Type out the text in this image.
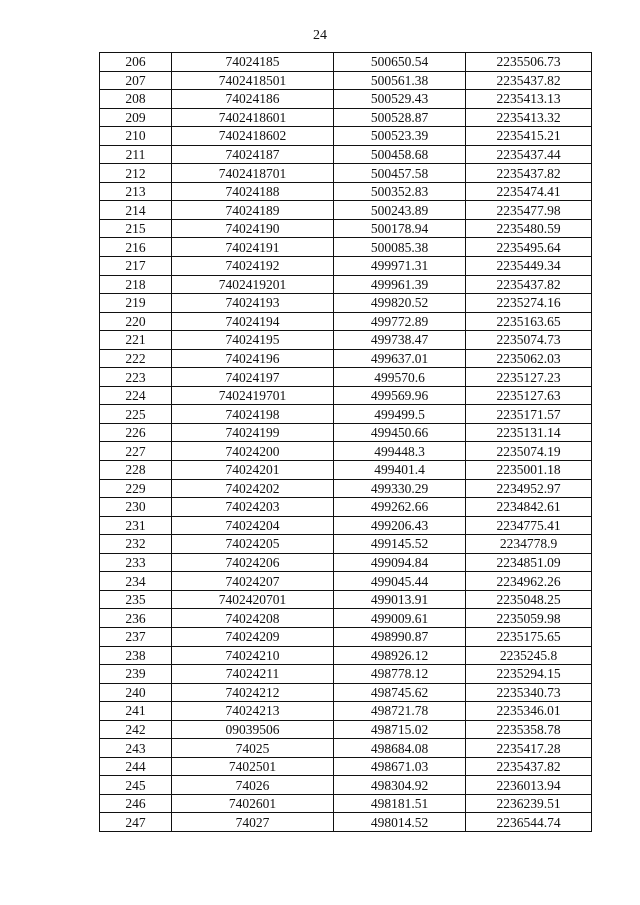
24
206	74024185	500650.54	2235506.73
207	7402418501	500561.38	2235437.82
208	74024186	500529.43	2235413.13
209	7402418601	500528.87	2235413.32
210	7402418602	500523.39	2235415.21
211	74024187	500458.68	2235437.44
212	7402418701	500457.58	2235437.82
213	74024188	500352.83	2235474.41
214	74024189	500243.89	2235477.98
215	74024190	500178.94	2235480.59
216	74024191	500085.38	2235495.64
217	74024192	499971.31	2235449.34
218	7402419201	499961.39	2235437.82
219	74024193	499820.52	2235274.16
220	74024194	499772.89	2235163.65
221	74024195	499738.47	2235074.73
222	74024196	499637.01	2235062.03
223	74024197	499570.6	2235127.23
224	7402419701	499569.96	2235127.63
225	74024198	499499.5	2235171.57
226	74024199	499450.66	2235131.14
227	74024200	499448.3	2235074.19
228	74024201	499401.4	2235001.18
229	74024202	499330.29	2234952.97
230	74024203	499262.66	2234842.61
231	74024204	499206.43	2234775.41
232	74024205	499145.52	2234778.9
233	74024206	499094.84	2234851.09
234	74024207	499045.44	2234962.26
235	7402420701	499013.91	2235048.25
236	74024208	499009.61	2235059.98
237	74024209	498990.87	2235175.65
238	74024210	498926.12	2235245.8
239	74024211	498778.12	2235294.15
240	74024212	498745.62	2235340.73
241	74024213	498721.78	2235346.01
242	09039506	498715.02	2235358.78
243	74025	498684.08	2235417.28
244	7402501	498671.03	2235437.82
245	74026	498304.92	2236013.94
246	7402601	498181.51	2236239.51
247	74027	498014.52	2236544.74
